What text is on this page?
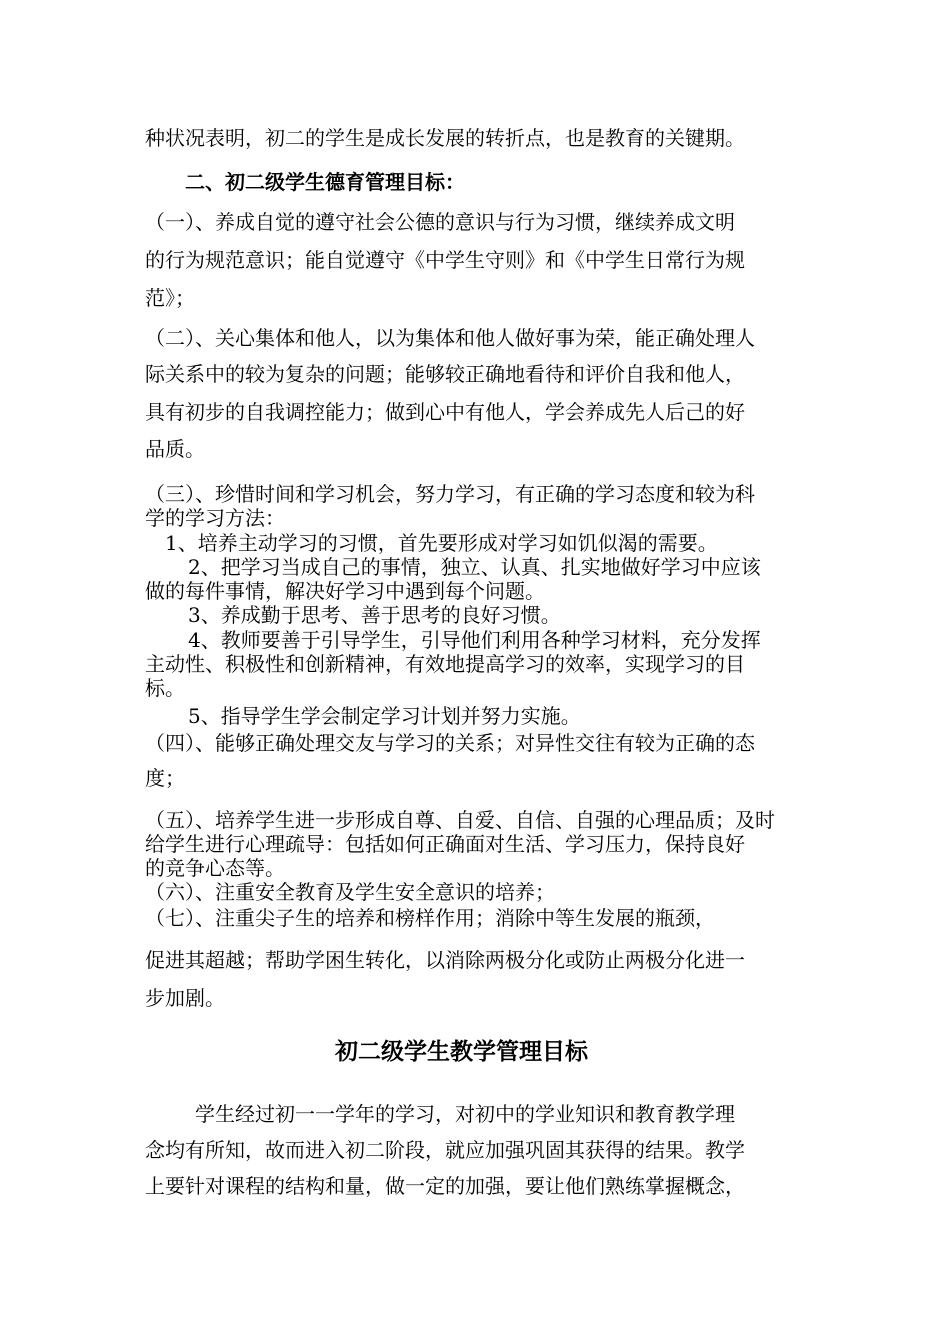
种状况表明，初二的学生是成长发展的转折点，也是教育的关键期。
二、初二级学生德育管理目标：
（一）、养成自觉的遵守社会公德的意识与行为习惯，继续养成文明
的行为规范意识；能自觉遵守《中学生守则》和《中学生日常行为规
范》；
（二）、关心集体和他人，以为集体和他人做好事为荣，能正确处理人
际关系中的较为复杂的问题；能够较正确地看待和评价自我和他人，
具有初步的自我调控能力；做到心中有他人，学会养成先人后己的好
品质。
（三）、珍惜时间和学习机会，努力学习，有正确的学习态度和较为科
学的学习方法：
1、培养主动学习的习惯，首先要形成对学习如饥似渴的需要。
2、把学习当成自己的事情，独立、认真、扎实地做好学习中应该
做的每件事情，解决好学习中遇到每个问题。
3、养成勤于思考、善于思考的良好习惯。
4、教师要善于引导学生，引导他们利用各种学习材料，充分发挥
主动性、积极性和创新精神，有效地提高学习的效率，实现学习的目
标。
5、指导学生学会制定学习计划并努力实施。
（四）、能够正确处理交友与学习的关系；对异性交往有较为正确的态
度；
（五）、培养学生进一步形成自尊、自爱、自信、自强的心理品质；及时
给学生进行心理疏导：包括如何正确面对生活、学习压力，保持良好
的竞争心态等。
（六）、注重安全教育及学生安全意识的培养；
（七）、注重尖子生的培养和榜样作用；消除中等生发展的瓶颈，
促进其超越；帮助学困生转化，以消除两极分化或防止两极分化进一
步加剧。
初二级学生教学管理目标
学生经过初一一学年的学习，对初中的学业知识和教育教学理
念均有所知，故而进入初二阶段，就应加强巩固其获得的结果。教学
上要针对课程的结构和量，做一定的加强，要让他们熟练掌握概念，
